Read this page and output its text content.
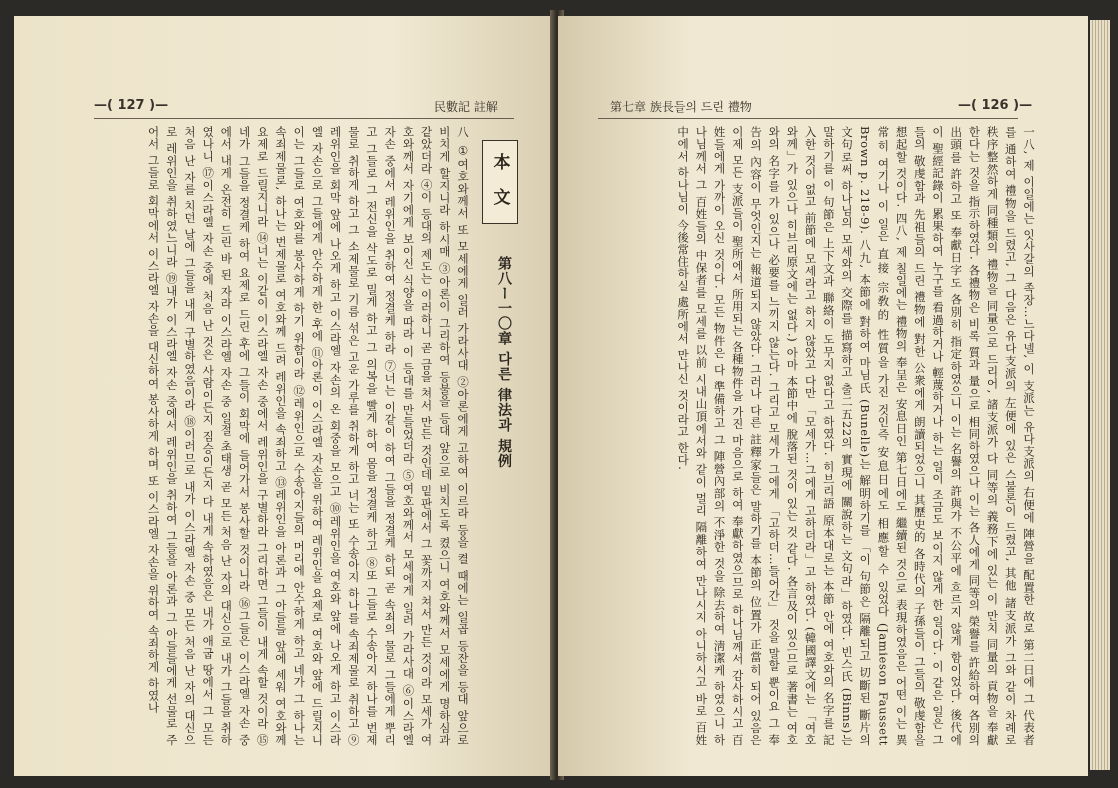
—( 127 )—	民數記 註解
本 文
第八ー一〇章 다른 律法과 規例

八 ①여호와께서 또 모세에게 일러 가라사대 ②아론에게 고하여 이르라 등을 켤 때에는 일곱 등잔을 등대 앞으로 비치게 할지니라 하시매 ③아론이 그리하여 등불을 등대 앞으로 비치도록 켰으니 여호와께서 모세에게 명하심과 같았더라 ④이 등대의 제도는 이러하니 곧 금을 쳐서 만든 것인데 밑판에서 그 꽃까지 쳐서 만든 것이라 모세가 여호와께서 자기에게 보이신 식양을 따라 이 등대를 만들었더라 ⑤여호와께서 모세에게 일러 가라사대 ⑥이스라엘 자손 중에서 레위인을 취하여 정결케 하라 ⑦너는 이같이 하여 그들을 정결케 하되 곧 속죄의 물로 그들에게 뿌리고 그들로 그 전신을 삭도로 밀게 하고 그 의복을 빨게 하여 몸을 정결케 하고 ⑧또 그들로 수송아지 하나를 번제물로 취하게 하고 그 소제물로 기름 섞은 고운 가루를 취하게 하고 너는 또 수송아지 하나를 속죄제물로 취하고 ⑨레위인을 회막 앞에 나오게 하고 이스라엘 자손의 온 회중을 모으고 ⑩레위인을 여호와 앞에 나오게 하고 이스라엘 자손으로 그들에게 안수하게 한 후에 ⑪아론이 이스라엘 자손을 위하여 레위인을 요제로 여호와 앞에 드릴지니 이는 그들로 여호와를 봉사하게 하기 위함이라 ⑫레위인으로 수송아지들의 머리에 안수하게 하고 네가 그 하나는 속죄제물로, 하나는 번제물로 여호와께 드려 레위인을 속죄하고 ⑬레위인을 아론과 그 아들들 앞에 세워 여호와께 요제로 드릴지니라 ⑭너는 이같이 이스라엘 자손 중에서 레위인을 구별하라 그리하면 그들이 내게 속할 것이라 ⑮네가 그들을 정결케 하여 요제로 드린 후에 그들이 회막에 들어가서 봉사할 것이니라 ⑯그들은 이스라엘 자손 중에서 내게 온전히 드린 바 된 자라 이스라엘 자손 중 일절 초태생 곧 모든 처음 난 자의 대신으로 내가 그들을 취하였나니 ⑰이스라엘 자손 중에 처음 난 것은 사람이든지 짐승이든지 다 내게 속하였음은 내가 애굽 땅에서 그 모든 처음 난 자를 치던 날에 그들을 내게 구별하였음이라 ⑱이러므로 내가 이스라엘 자손 중 모든 처음 난 자의 대신으로 레위인을 취하였느니라 ⑲내가 이스라엘 자손 중에서 레위인을 취하여 그들을 아론과 그 아들들에게 선물로 주어서 그들로 회막에서 이스라엘 자손을 대신하여 봉사하게 하며 또 이스라엘 자손을 위하여 속죄하게 하였나

第七章 族長들의 드린 禮物	—( 126 )—

一八, 제 이일에는 잇사갈의 족장…느다넬, 이 支派는 유다支派의 右便에 陣營을 配置한 故로 第二日에 그 代表者를 通하여 禮物을 드렸고, 그 다음은 유다支派의 左便에 있은 스불론이 드렸고, 其他 諸支派가 그와 같이 차례로 秩序整然하게 同種類의 禮物을 同量으로 드리어, 諸支派가 다 同等의 義務下에 있는 이 만치 同量의 貢物을 奉獻한다는 것을 指示하였다. 各禮物은 비록 質과 量으로 相同하였으나 이는 各人에게 同等의 榮譽를 許給하여 各別의 出頭를 許하고 또 奉獻日字도 各別히 指定하였으니 이는 名譽의 許與가 不公平에 흐르지 않게 함이었다. 後代에 이 聖經記錄이 累果하여 누구를 看過하거나 輕蔑하거나 하는 일이 조금도 보이지 않게 한 일이다. 이 같은 일은 그들의 敬虔함과 先祖들의 드린 禮物에 對한 公衆에게 朗讀되었으니 其歷史的 各時代의 子孫들이 그들의 敬虔함을 想起할 것이다. 四八, 제 칠일에는 禮物의 奉呈은 安息日인 第七日에도 繼續된 것으로 表現하였음은 어떤 이는 異常히 여기나 이 일은 直接 宗敎的 性質을 가진 것인즉 安息日에도 相應할 수 있었다 (Jamieson Faussett Brown p. 218-9). 八九, 本節에 對하여 마님氏 (Bunelle)는 解明하기를 「이 句節은 隔離되고 切斷된 斷片의 文句로써 하나님의 모세와의 交際를 描寫하고 출二五22의 實現에 關說하는 文句라」하였다. 빈스氏 (Binns)는 말하기를 이 句節은 上下文과 聯絡이 도무지 없다고 하였다. 히브리語 原本대로는 本節 안에 여호와의 名字를 記入한 것이 없고 前節에 모세라고 하지 않았고 다만 「모세가…그에게 고하더라」고 하였다. (韓國譯文에는 「여호와께」가 있으나 히브리原文에는 없다.) 아마 本節中에 脫落된 것이 있는 것 같다. 各言及이 있으므로 著書는 여호와의 名字를 가 있으나 必要를 느끼지 않는다. 그리고 모세가 그에게 「고하더…들어간」 것을 말할 뿐이요 그 奉告의 內容이 무엇인지는 報道되지 않았다. 그러나 다른 註釋家들은 말하기를 本節의 位置가 正當히 되어 있음은 이제 모든 支派들이 聖所에서 所用되는 各種物件을 가진 마음으로 하여 奉獻하였으므로 하나님께서 감사하시고 百姓들에게 가까이 오신 것이다. 모든 物件은 다 準備하고 그 陣營內部의 不淨한 것을 除去하여 淸潔케 하였으니 하나님께서 그 百姓들의 中保者를 모세를 以前 시내山頂에서와 같이 멀리 隔離하여 만나시지 아니하시고 바로 百姓中에서 하나님이 今後常住하실 處所에서 만나신 것이라고 한다.
